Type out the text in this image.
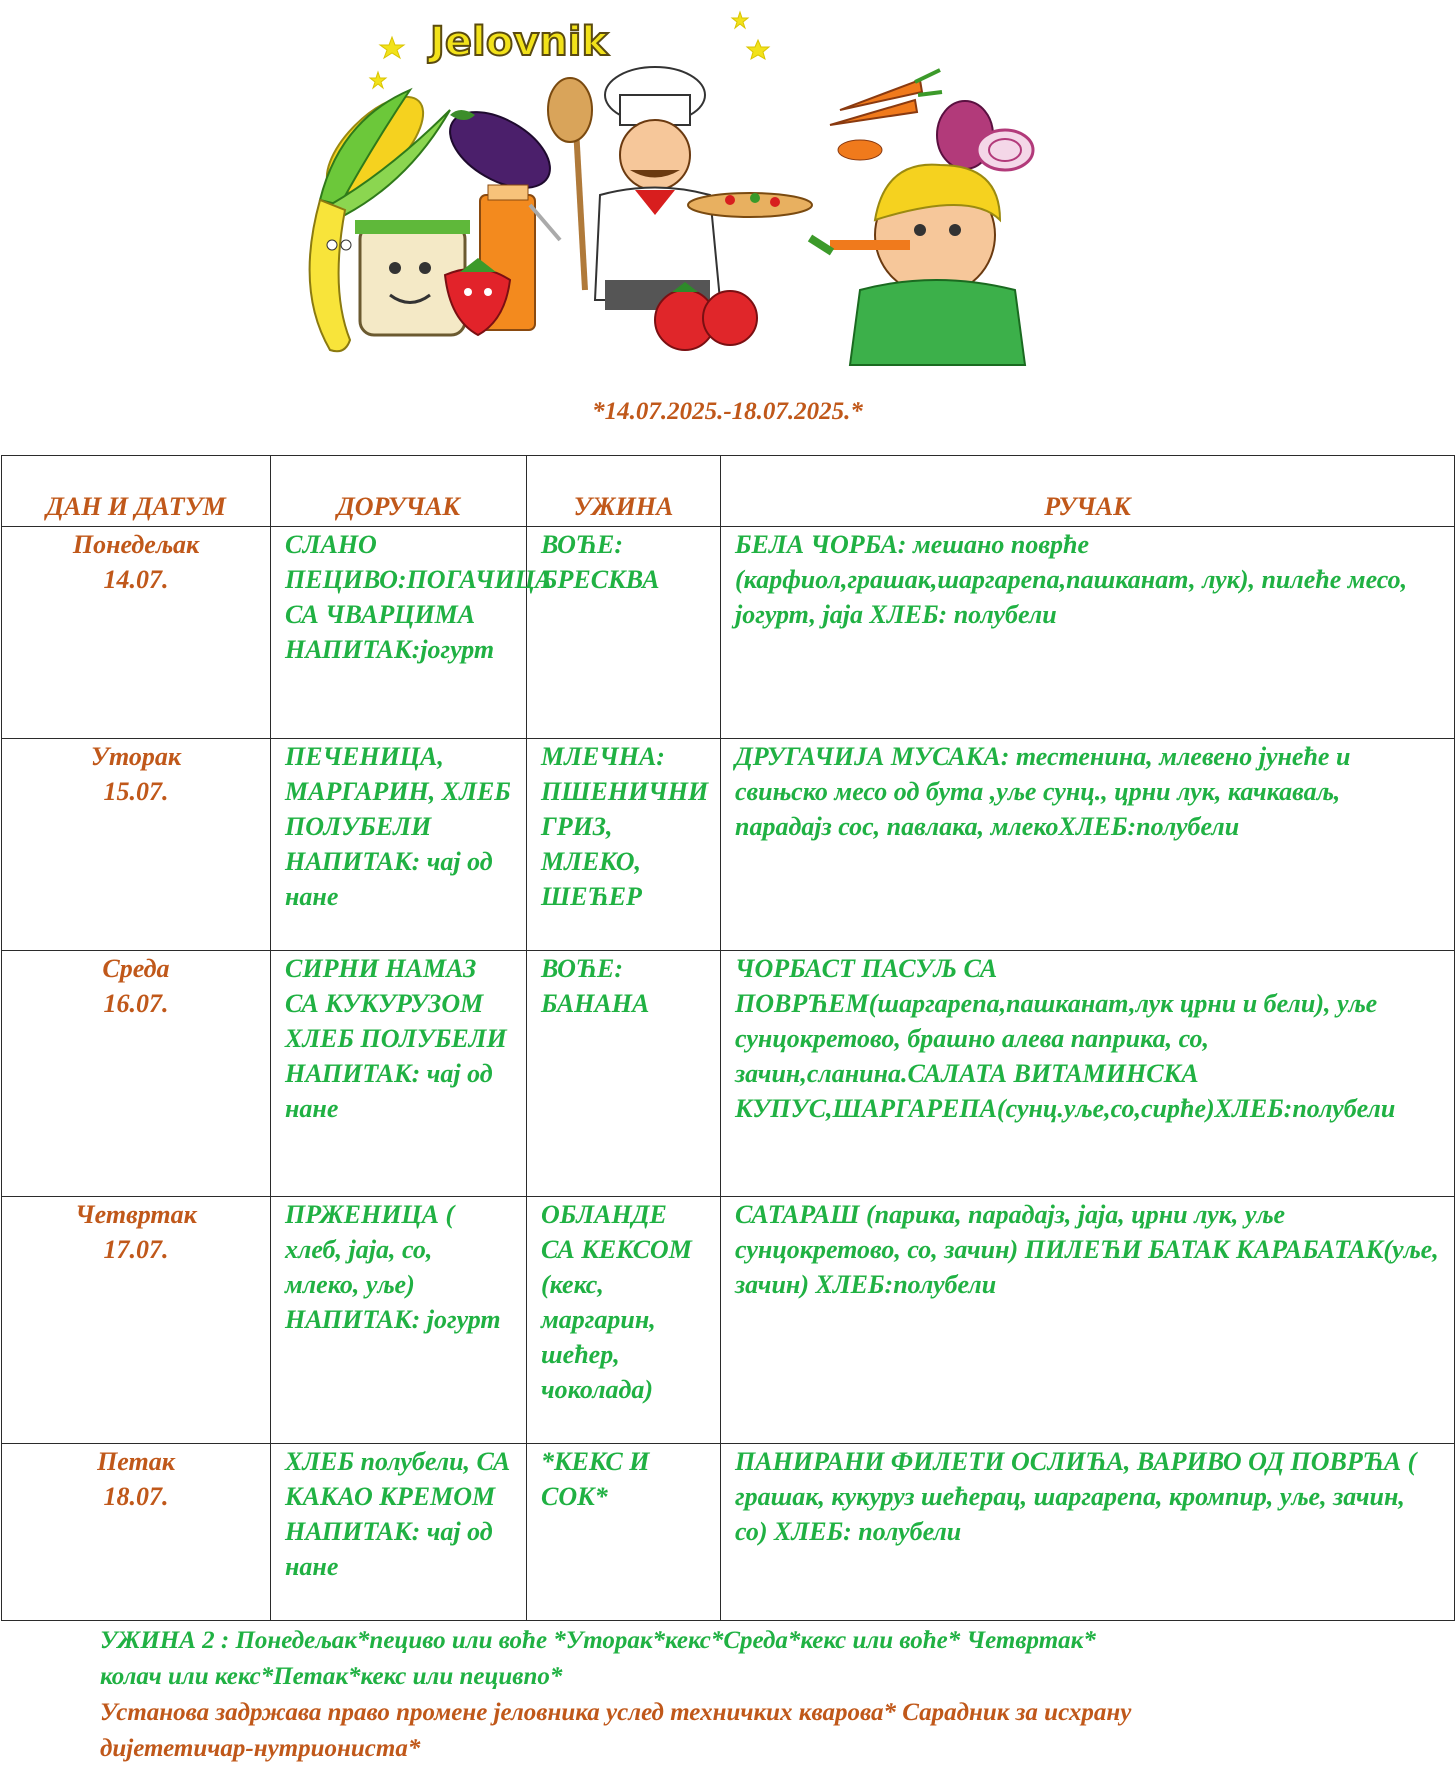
Jelovnik
*14.07.2025.-18.07.2025.*
ДАН И ДАТУМ	ДОРУЧАК	УЖИНА	РУЧАК

Понедељак
14.07.	СЛАНО ПЕЦИВО:ПОГАЧИЦА СА ЧВАРЦИМА НАПИТАК:јогурт	ВОЋЕ: БРЕСКВА	БЕЛА ЧОРБА: мешано поврће (карфиол,грашак,шаргарепа,пашканат, лук), пилеће месо, јогурт, јаја ХЛЕБ: полубели

Уторак
15.07.	ПЕЧЕНИЦА, МАРГАРИН, ХЛЕБ ПОЛУБЕЛИ НАПИТАК: чај од нане	МЛЕЧНА: ПШЕНИЧНИ ГРИЗ, МЛЕКО, ШЕЋЕР	ДРУГАЧИЈА МУСАКА: тестенина, млевено јунеће и свињско месо од бута ,уље сунц., црни лук, качкаваљ, парадајз сос, павлака, млекоХЛЕБ:полубели

Среда
16.07.	СИРНИ НАМАЗ СА КУКУРУЗОМ ХЛЕБ ПОЛУБЕЛИ НАПИТАК: чај од нане	ВОЋЕ: БАНАНА	ЧОРБАСТ ПАСУЉ СА ПОВРЋЕМ(шаргарепа,пашканат,лук црни и бели), уље сунцокретово, брашно алева паприка, со, зачин,сланина.САЛАТА ВИТАМИНСКА КУПУС,ШАРГАРЕПА(сунц.уље,со,сирће)ХЛЕБ:полубели

Четвртак
17.07.	ПРЖЕНИЦА ( хлеб, јаја, со, млеко, уље) НАПИТАК: јогурт	ОБЛАНДЕ СА КЕКСОМ (кекс, маргарин, шећер, чоколада)	САТАРАШ (парика, парадајз, јаја, црни лук, уље сунцокретово, со, зачин) ПИЛЕЋИ БАТАК КАРАБАТАК(уље, зачин) ХЛЕБ:полубели

Петак
18.07.	ХЛЕБ полубели, СА КАКАО КРЕМОМ НАПИТАК: чај од нане	*КЕКС И СОК*	ПАНИРАНИ ФИЛЕТИ ОСЛИЋА, ВАРИВО ОД ПОВРЋА ( грашак, кукуруз шећерац, шаргарепа, кромпир, уље, зачин, со) ХЛЕБ: полубели

УЖИНА 2 : Понедељак*пециво или воће *Уторак*кекс*Среда*кекс или воће* Четвртак* колач или кекс*Петак*кекс или пецивпо*

Установа задржава право промене јеловника услед техничких кварова* Сарадник за исхрану дијететичар-нутриониста*
